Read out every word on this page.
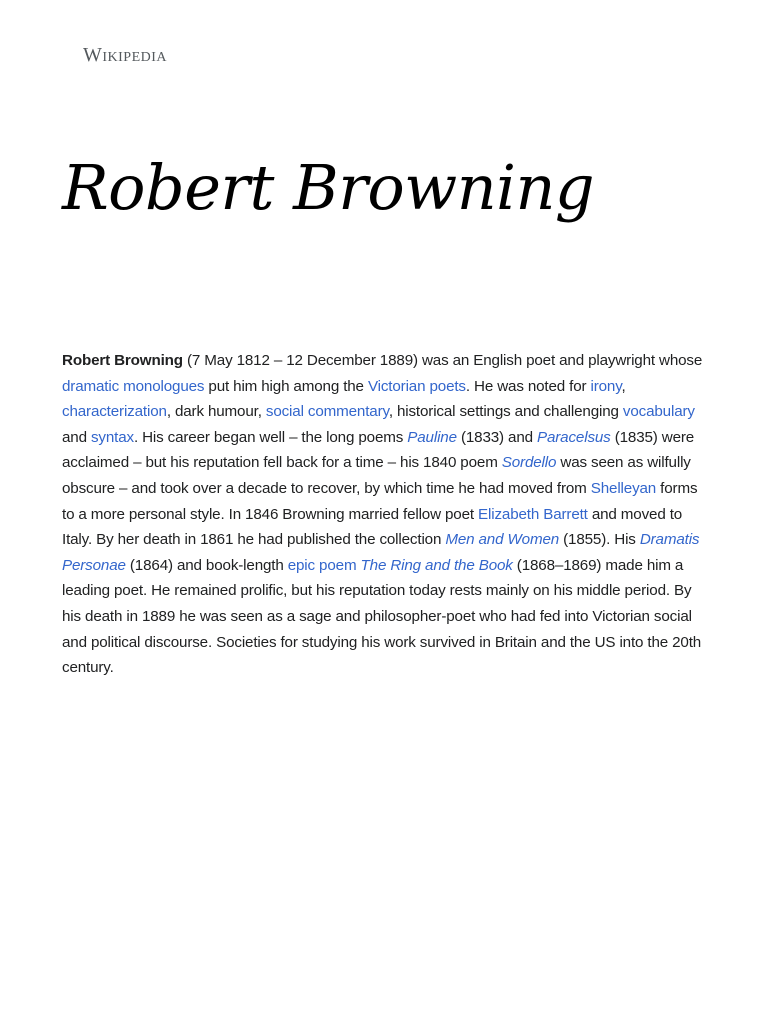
Wikipedia
Robert Browning

Robert Browning (7 May 1812 – 12 December 1889) was an English poet and playwright whose dramatic monologues put him high among the Victorian poets. He was noted for irony, characterization, dark humour, social commentary, historical settings and challenging vocabulary and syntax. His career began well – the long poems Pauline (1833) and Paracelsus (1835) were acclaimed – but his reputation fell back for a time – his 1840 poem Sordello was seen as wilfully obscure – and took over a decade to recover, by which time he had moved from Shelleyan forms to a more personal style. In 1846 Browning married fellow poet Elizabeth Barrett and moved to Italy. By her death in 1861 he had published the collection Men and Women (1855). His Dramatis Personae (1864) and book-length epic poem The Ring and the Book (1868–1869) made him a leading poet. He remained prolific, but his reputation today rests mainly on his middle period. By his death in 1889 he was seen as a sage and philosopher-poet who had fed into Victorian social and political discourse. Societies for studying his work survived in Britain and the US into the 20th century.
